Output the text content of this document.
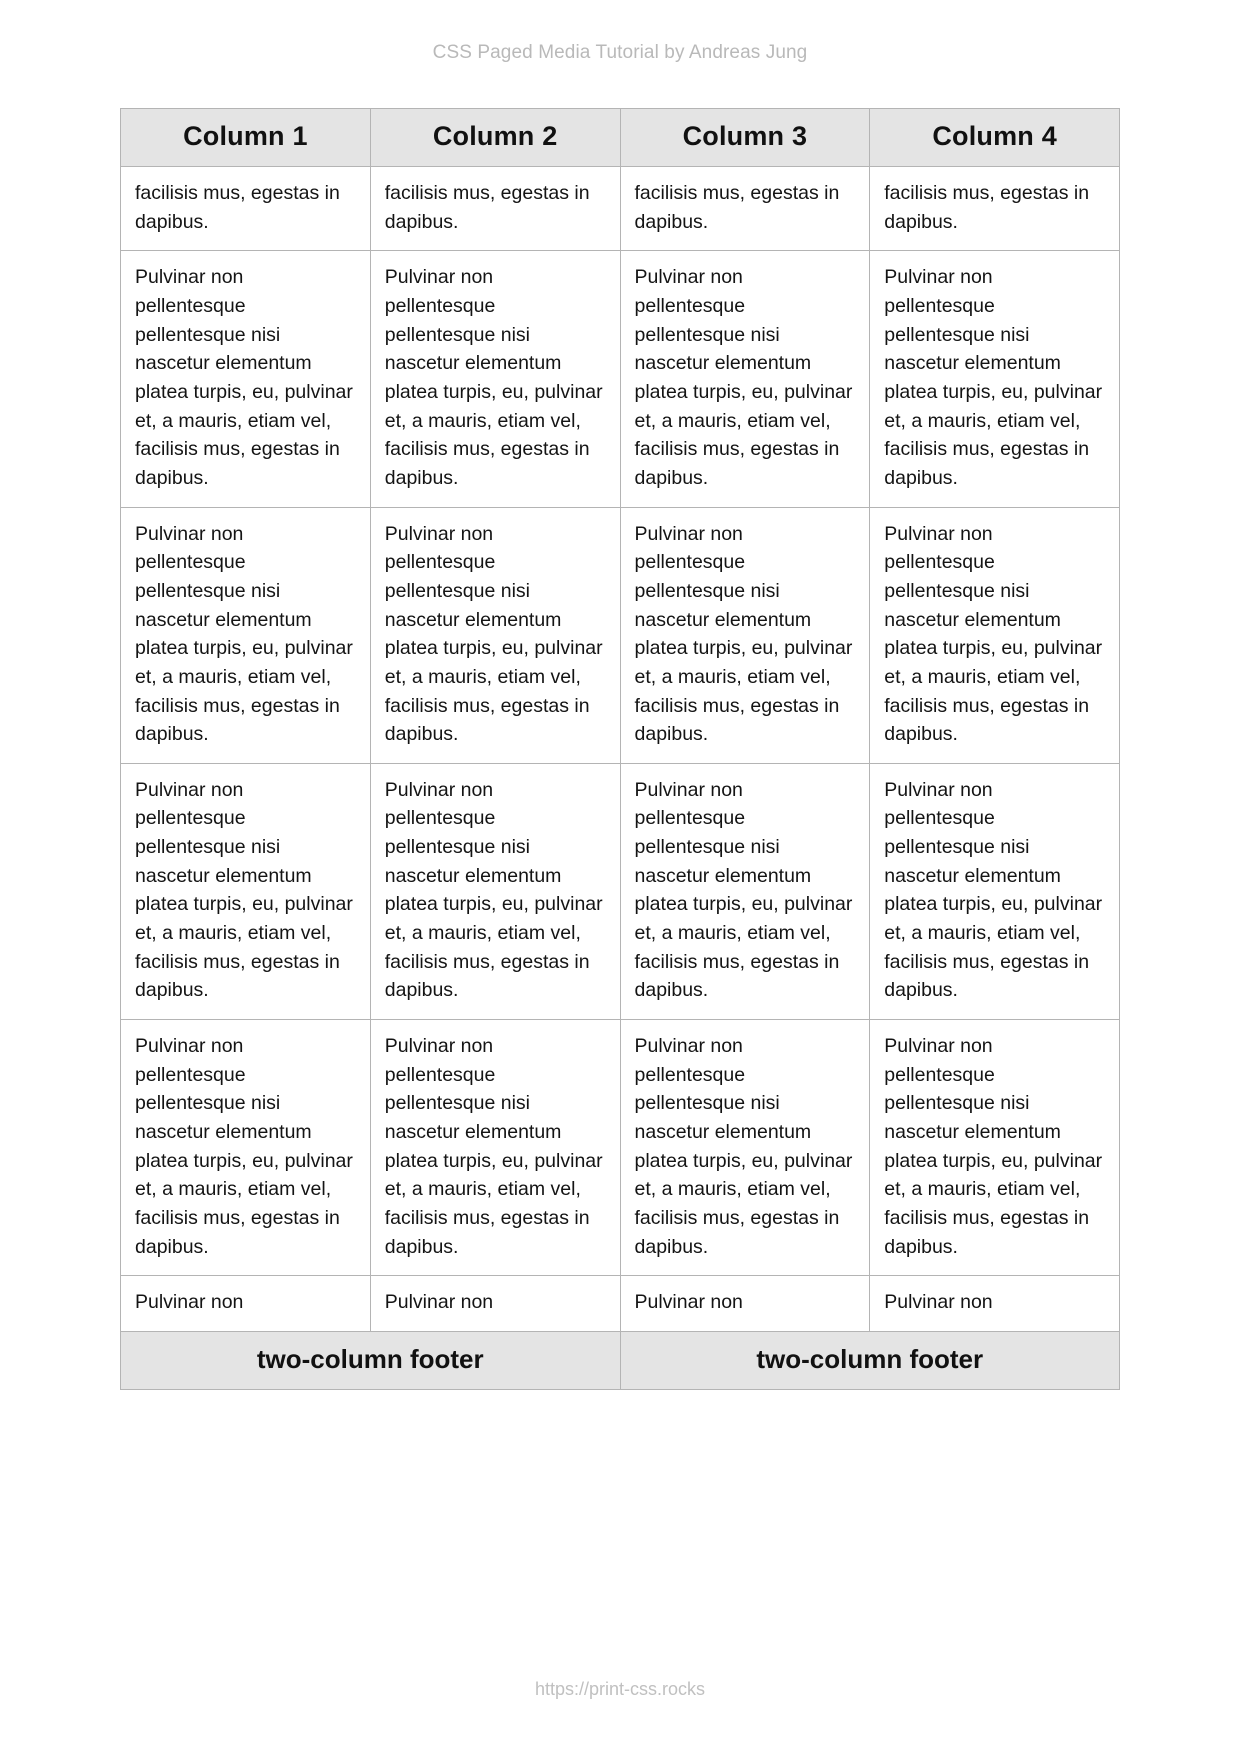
CSS Paged Media Tutorial by Andreas Jung
Column 1	Column 2	Column 3	Column 4
facilisis mus, egestas in dapibus.	facilisis mus, egestas in dapibus.	facilisis mus, egestas in dapibus.	facilisis mus, egestas in dapibus.
Pulvinar non pellentesque pellentesque nisi nascetur elementum platea turpis, eu, pulvinar et, a mauris, etiam vel, facilisis mus, egestas in dapibus.	Pulvinar non pellentesque pellentesque nisi nascetur elementum platea turpis, eu, pulvinar et, a mauris, etiam vel, facilisis mus, egestas in dapibus.	Pulvinar non pellentesque pellentesque nisi nascetur elementum platea turpis, eu, pulvinar et, a mauris, etiam vel, facilisis mus, egestas in dapibus.	Pulvinar non pellentesque pellentesque nisi nascetur elementum platea turpis, eu, pulvinar et, a mauris, etiam vel, facilisis mus, egestas in dapibus.
Pulvinar non pellentesque pellentesque nisi nascetur elementum platea turpis, eu, pulvinar et, a mauris, etiam vel, facilisis mus, egestas in dapibus.	Pulvinar non pellentesque pellentesque nisi nascetur elementum platea turpis, eu, pulvinar et, a mauris, etiam vel, facilisis mus, egestas in dapibus.	Pulvinar non pellentesque pellentesque nisi nascetur elementum platea turpis, eu, pulvinar et, a mauris, etiam vel, facilisis mus, egestas in dapibus.	Pulvinar non pellentesque pellentesque nisi nascetur elementum platea turpis, eu, pulvinar et, a mauris, etiam vel, facilisis mus, egestas in dapibus.
Pulvinar non pellentesque pellentesque nisi nascetur elementum platea turpis, eu, pulvinar et, a mauris, etiam vel, facilisis mus, egestas in dapibus.	Pulvinar non pellentesque pellentesque nisi nascetur elementum platea turpis, eu, pulvinar et, a mauris, etiam vel, facilisis mus, egestas in dapibus.	Pulvinar non pellentesque pellentesque nisi nascetur elementum platea turpis, eu, pulvinar et, a mauris, etiam vel, facilisis mus, egestas in dapibus.	Pulvinar non pellentesque pellentesque nisi nascetur elementum platea turpis, eu, pulvinar et, a mauris, etiam vel, facilisis mus, egestas in dapibus.
Pulvinar non pellentesque pellentesque nisi nascetur elementum platea turpis, eu, pulvinar et, a mauris, etiam vel, facilisis mus, egestas in dapibus.	Pulvinar non pellentesque pellentesque nisi nascetur elementum platea turpis, eu, pulvinar et, a mauris, etiam vel, facilisis mus, egestas in dapibus.	Pulvinar non pellentesque pellentesque nisi nascetur elementum platea turpis, eu, pulvinar et, a mauris, etiam vel, facilisis mus, egestas in dapibus.	Pulvinar non pellentesque pellentesque nisi nascetur elementum platea turpis, eu, pulvinar et, a mauris, etiam vel, facilisis mus, egestas in dapibus.
Pulvinar non	Pulvinar non	Pulvinar non	Pulvinar non
two-column footer		two-column footer	
https://print-css.rocks
